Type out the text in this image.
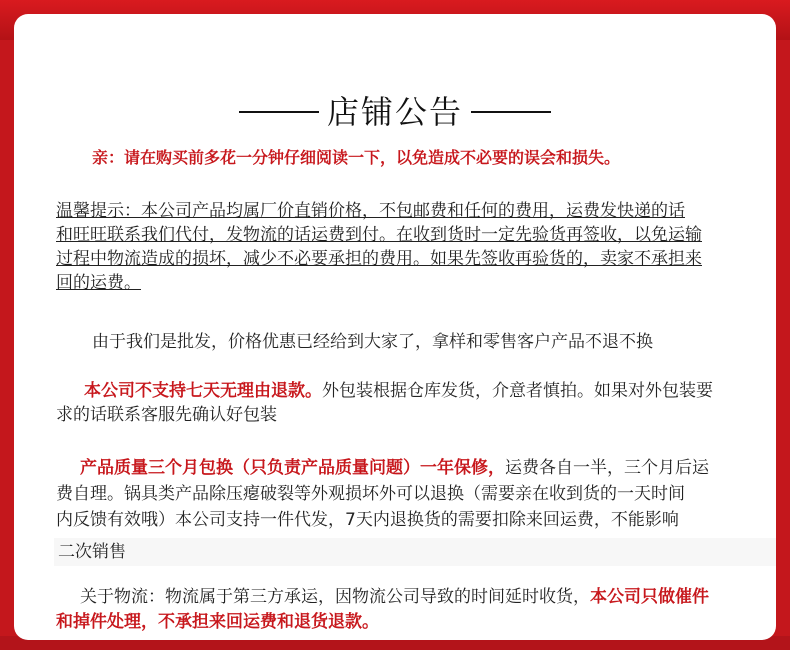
店铺公告
亲：请在购买前多花一分钟仔细阅读一下，以免造成不必要的误会和损失。
温馨提示：本公司产品均属厂价直销价格，不包邮费和任何的费用，运费发快递的话
和旺旺联系我们代付，发物流的话运费到付。在收到货时一定先验货再签收，以免运输
过程中物流造成的损坏，减少不必要承担的费用。如果先签收再验货的，卖家不承担来
回的运费。
由于我们是批发，价格优惠已经给到大家了，拿样和零售客户产品不退不换
本公司不支持七天无理由退款。外包装根据仓库发货，介意者慎拍。如果对外包装要
求的话联系客服先确认好包装
产品质量三个月包换（只负责产品质量问题）一年保修，运费各自一半，三个月后运
费自理。锅具类产品除压瘪破裂等外观损坏外可以退换（需要亲在收到货的一天时间
内反馈有效哦）本公司支持一件代发，7天内退换货的需要扣除来回运费，不能影响
二次销售
关于物流：物流属于第三方承运，因物流公司导致的时间延时收货，本公司只做催件
和掉件处理，不承担来回运费和退货退款。
